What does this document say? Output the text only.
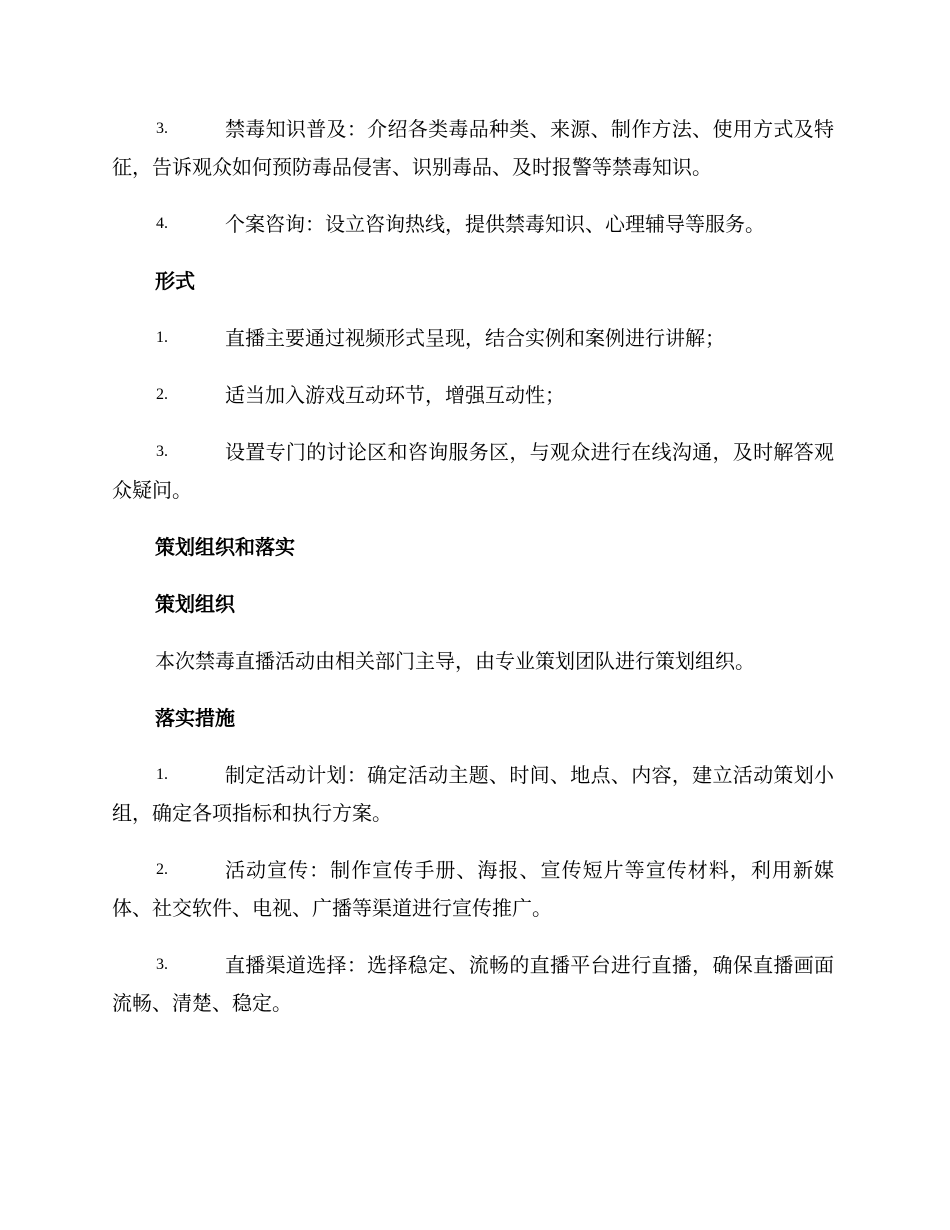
3.	禁毒知识普及：介绍各类毒品种类、来源、制作方法、使用方式及特征，告诉观众如何预防毒品侵害、识别毒品、及时报警等禁毒知识。
4.	个案咨询：设立咨询热线，提供禁毒知识、心理辅导等服务。
形式
1.	直播主要通过视频形式呈现，结合实例和案例进行讲解；
2.	适当加入游戏互动环节，增强互动性；
3.	设置专门的讨论区和咨询服务区，与观众进行在线沟通，及时解答观众疑问。
策划组织和落实
策划组织
本次禁毒直播活动由相关部门主导，由专业策划团队进行策划组织。
落实措施
1.	制定活动计划：确定活动主题、时间、地点、内容，建立活动策划小组，确定各项指标和执行方案。
2.	活动宣传：制作宣传手册、海报、宣传短片等宣传材料，利用新媒体、社交软件、电视、广播等渠道进行宣传推广。
3.	直播渠道选择：选择稳定、流畅的直播平台进行直播，确保直播画面流畅、清楚、稳定。
